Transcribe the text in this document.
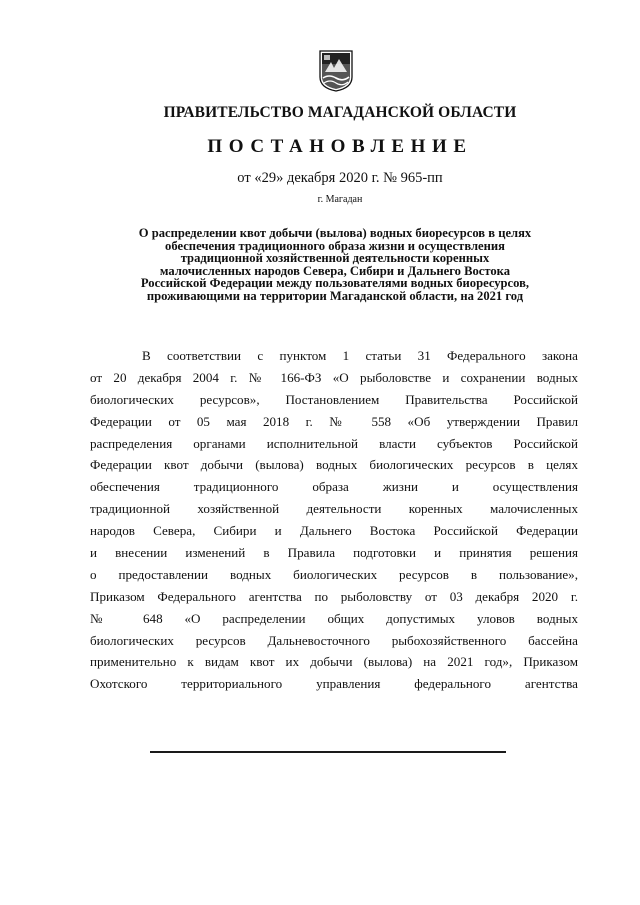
ПРАВИТЕЛЬСТВО МАГАДАНСКОЙ ОБЛАСТИ
ПОСТАНОВЛЕНИЕ
от «29» декабря 2020 г. № 965-пп
г. Магадан
О распределении квот добычи (вылова) водных биоресурсов в целях
обеспечения традиционного образа жизни и осуществления
традиционной хозяйственной деятельности коренных
малочисленных народов Севера, Сибири и Дальнего Востока
Российской Федерации между пользователями водных биоресурсов,
проживающими на территории Магаданской области, на 2021 год
В соответствии с пунктом 1 статьи 31 Федерального закона
от 20 декабря 2004 г. № 166-ФЗ «О рыболовстве и сохранении водных
биологических ресурсов», Постановлением Правительства Российской
Федерации от 05 мая 2018 г. № 558 «Об утверждении Правил
распределения органами исполнительной власти субъектов Российской
Федерации квот добычи (вылова) водных биологических ресурсов в целях
обеспечения традиционного образа жизни и осуществления
традиционной хозяйственной деятельности коренных малочисленных
народов Севера, Сибири и Дальнего Востока Российской Федерации
и внесении изменений в Правила подготовки и принятия решения
о предоставлении водных биологических ресурсов в пользование»,
Приказом Федерального агентства по рыболовству от 03 декабря 2020 г.
№ 648 «О распределении общих допустимых уловов водных
биологических ресурсов Дальневосточного рыбохозяйственного бассейна
применительно к видам квот их добычи (вылова) на 2021 год», Приказом
Охотского территориального управления федерального агентства
